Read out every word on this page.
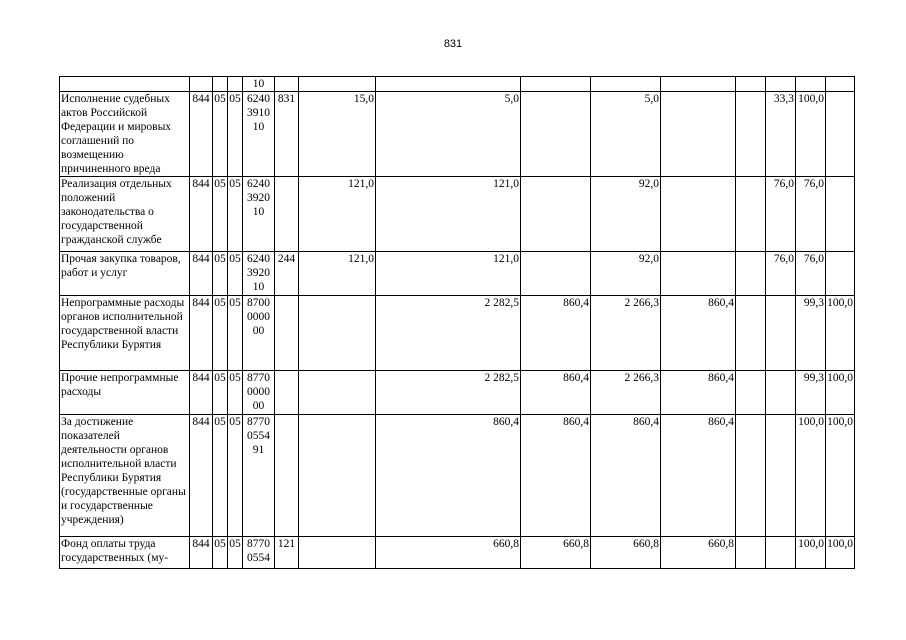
831
				10										
Исполнение судебных актов Российской Федерации и мировых соглашений по возмещению причиненного вреда	844	05	05	6240 3910 10	831	15,0	5,0		5,0			33,3	100,0	
Реализация отдельных положений законодательства о государственной гражданской службе	844	05	05	6240 3920 10		121,0	121,0		92,0			76,0	76,0	
Прочая закупка товаров, работ и услуг	844	05	05	6240 3920 10	244	121,0	121,0		92,0			76,0	76,0	
Непрограммные расходы органов исполнительной государственной власти Республики Бурятия	844	05	05	8700 0000 00			2 282,5	860,4	2 266,3	860,4			99,3	100,0
Прочие непрограммные расходы	844	05	05	8770 0000 00			2 282,5	860,4	2 266,3	860,4			99,3	100,0
За достижение показателей деятельности органов исполнительной власти Республики Бурятия (государственные органы и государственные учреждения)	844	05	05	8770 0554 91			860,4	860,4	860,4	860,4			100,0	100,0
Фонд оплаты труда государственных (му-	844	05	05	8770 0554	121		660,8	660,8	660,8	660,8			100,0	100,0
